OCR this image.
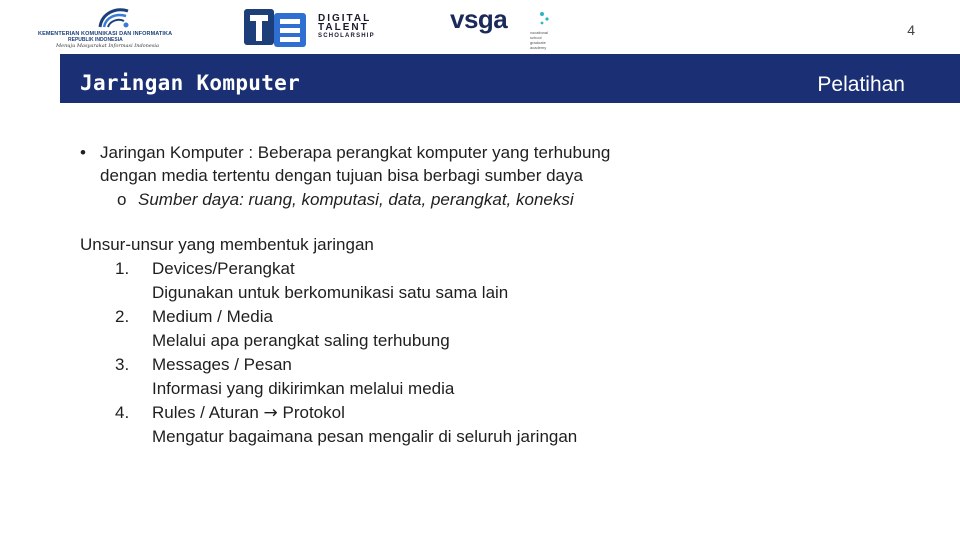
KEMENTERIAN KOMUNIKASI DAN INFORMATIKA
REPUBLIK INDONESIA
Menuju Masyarakat Informasi Indonesia
DIGITAL
TALENT
SCHOLARSHIP
vsga	vocational
school
graduate
academy
4
Jaringan Komputer	Pelatihan
• Jaringan Komputer : Beberapa perangkat komputer yang terhubung
dengan media tertentu dengan tujuan bisa berbagi sumber daya
o Sumber daya: ruang, komputasi, data, perangkat, koneksi
Unsur-unsur yang membentuk jaringan
1. Devices/Perangkat
Digunakan untuk berkomunikasi satu sama lain
2. Medium / Media
Melalui apa perangkat saling terhubung
3. Messages / Pesan
Informasi yang dikirimkan melalui media
4. Rules / Aturan → Protokol
Mengatur bagaimana pesan mengalir di seluruh jaringan
